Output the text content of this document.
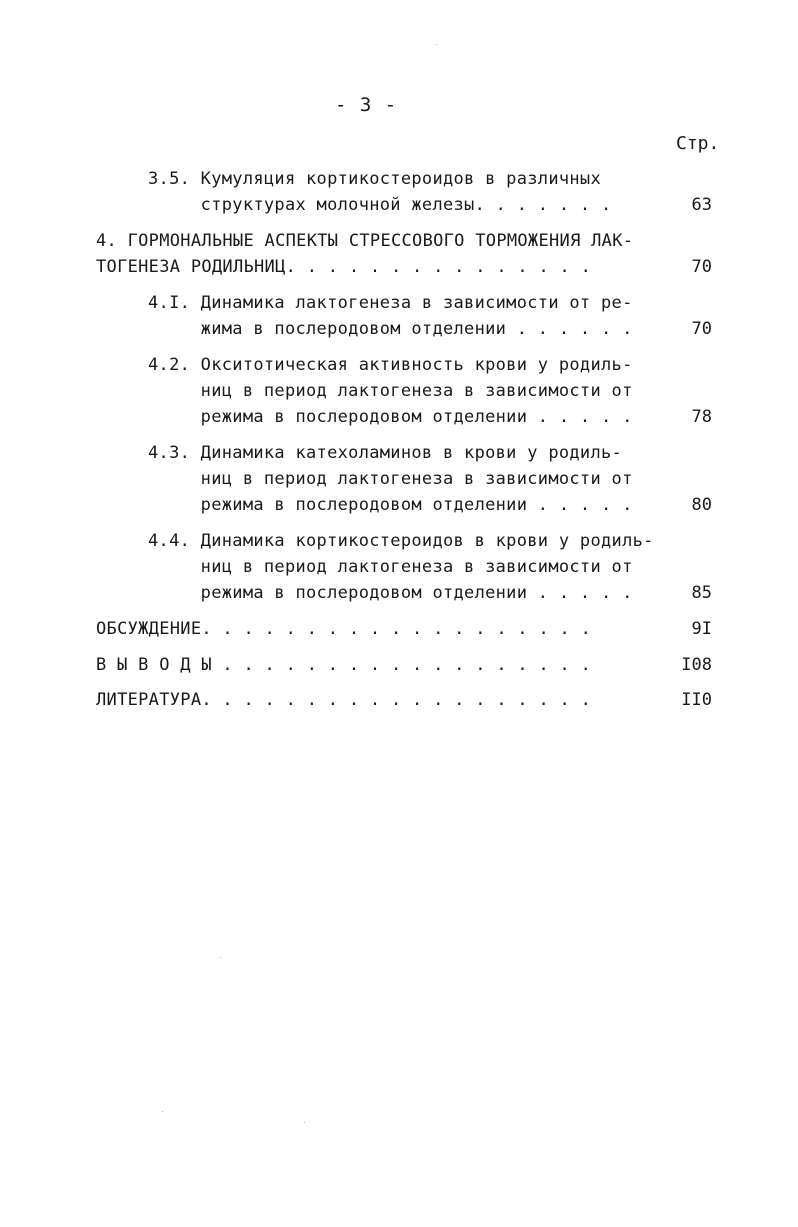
- 3 -
Стр.
3.5. Кумуляция кортикостероидов в различных
структурах молочной железы. . . . . . .	63
4. ГОРМОНАЛЬНЫЕ АСПЕКТЫ СТРЕССОВОГО ТОРМОЖЕНИЯ ЛАК-
ТОГЕНЕЗА РОДИЛЬНИЦ. . . . . . . . . . . . . . .	70
4.I. Динамика лактогенеза в зависимости от ре-
жима в послеродовом отделении . . . . . .	70
4.2. Окситотическая активность крови у родиль-
ниц в период лактогенеза в зависимости от
режима в послеродовом отделении . . . . .	78
4.3. Динамика катехоламинов в крови у родиль-
ниц в период лактогенеза в зависимости от
режима в послеродовом отделении . . . . .	80
4.4. Динамика кортикостероидов в крови у родиль-
ниц в период лактогенеза в зависимости от
режима в послеродовом отделении . . . . .	85
ОБСУЖДЕНИЕ. . . . . . . . . . . . . . . . . . .	9I
В Ы В О Д Ы . . . . . . . . . . . . . . . . . .	I08
ЛИТЕРАТУРА. . . . . . . . . . . . . . . . . . .	II0
